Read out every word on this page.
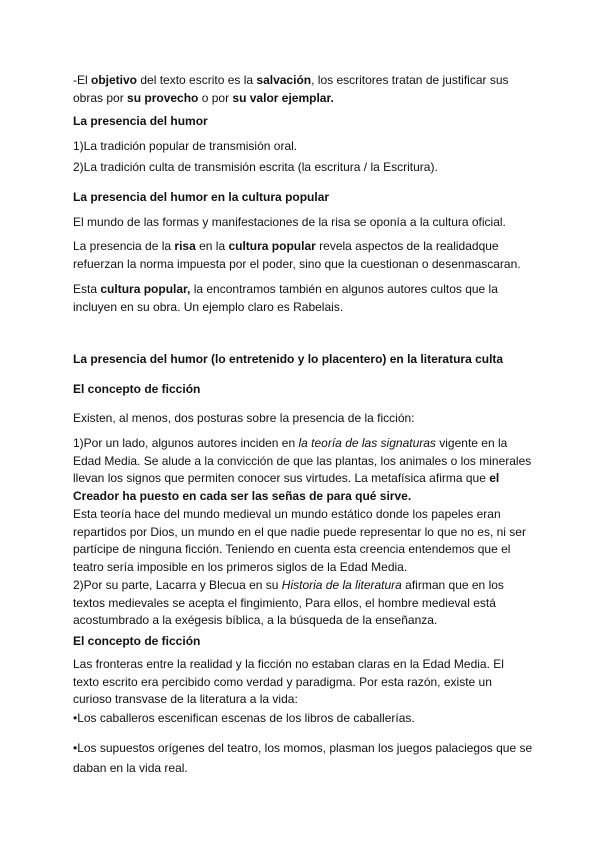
-El objetivo del texto escrito es la salvación, los escritores tratan de justificar sus obras por su provecho o por su valor ejemplar.

La presencia del humor

1)La tradición popular de transmisión oral.

2)La tradición culta de transmisión escrita (la escritura / la Escritura).

La presencia del humor en la cultura popular

El mundo de las formas y manifestaciones de la risa se oponía a la cultura oficial.

La presencia de la risa en la cultura popular revela aspectos de la realidadque refuerzan la norma impuesta por el poder, sino que la cuestionan o desenmascaran.

Esta cultura popular, la encontramos también en algunos autores cultos que la incluyen en su obra. Un ejemplo claro es Rabelais.

La presencia del humor (lo entretenido y lo placentero) en la literatura culta

El concepto de ficción

Existen, al menos, dos posturas sobre la presencia de la ficción:

1)Por un lado, algunos autores inciden en la teoría de las signaturas vigente en la Edad Media. Se alude a la convicción de que las plantas, los animales o los minerales llevan los signos que permiten conocer sus virtudes. La metafísica afirma que el Creador ha puesto en cada ser las señas de para qué sirve.

Esta teoría hace del mundo medieval un mundo estático donde los papeles eran repartidos por Dios, un mundo en el que nadie puede representar lo que no es, ni ser partícipe de ninguna ficción. Teniendo en cuenta esta creencia entendemos que el teatro sería imposible en los primeros siglos de la Edad Media.

2)Por su parte, Lacarra y Blecua en su Historia de la literatura afirman que en los textos medievales se acepta el fingimiento, Para ellos, el hombre medieval está acostumbrado a la exégesis bíblica, a la búsqueda de la enseñanza.

El concepto de ficción

Las fronteras entre la realidad y la ficción no estaban claras en la Edad Media. El texto escrito era percibido como verdad y paradigma. Por esta razón, existe un curioso transvase de la literatura a la vida:

•Los caballeros escenifican escenas de los libros de caballerías.

•Los supuestos orígenes del teatro, los momos, plasman los juegos palaciegos que se daban en la vida real.
